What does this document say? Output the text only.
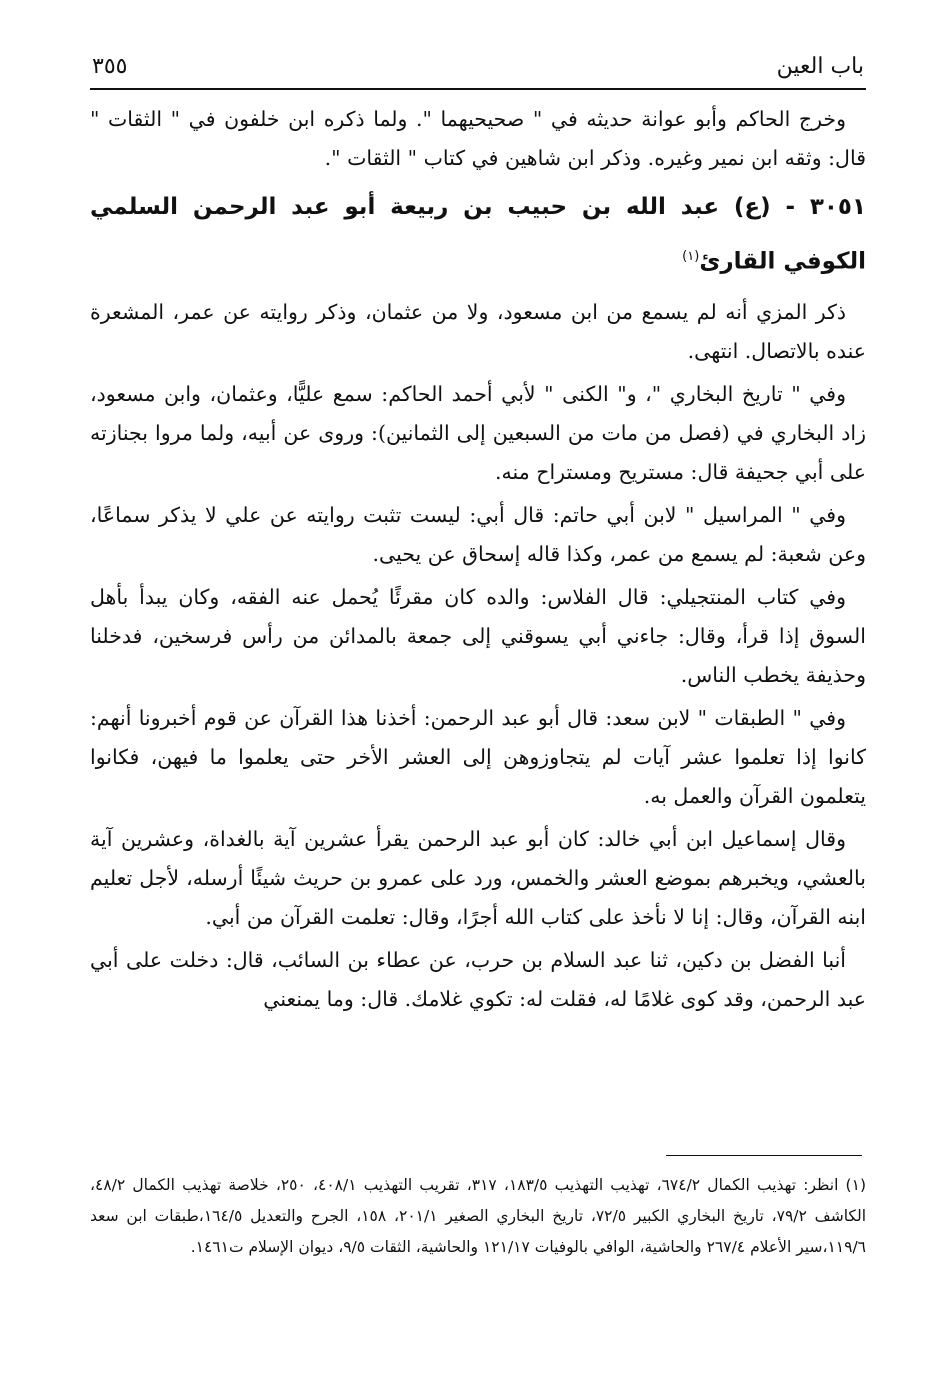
باب العين
٣٥٥

وخرج الحاكم وأبو عوانة حديثه في " صحيحيهما ". ولما ذكره ابن خلفون في " الثقات " قال: وثقه ابن نمير وغيره. وذكر ابن شاهين في كتاب " الثقات ".

٣٠٥١ - (ع) عبد الله بن حبيب بن ربيعة أبو عبد الرحمن السلمي الكوفي القارئ$^{(١)}$

ذكر المزي أنه لم يسمع من ابن مسعود، ولا من عثمان، وذكر روايته عن عمر، المشعرة عنده بالاتصال. انتهى.

وفي " تاريخ البخاري "، و" الكنى " لأبي أحمد الحاكم: سمع عليًّا، وعثمان، وابن مسعود، زاد البخاري في (فصل من مات من السبعين إلى الثمانين): وروى عن أبيه، ولما مروا بجنازته على أبي جحيفة قال: مستريح ومستراح منه.

وفي " المراسيل " لابن أبي حاتم: قال أبي: ليست تثبت روايته عن علي لا يذكر سماعًا، وعن شعبة: لم يسمع من عمر، وكذا قاله إسحاق عن يحيى.

وفي كتاب المنتجيلي: قال الفلاس: والده كان مقرئًا يُحمل عنه الفقه، وكان يبدأ بأهل السوق إذا قرأ، وقال: جاءني أبي يسوقني إلى جمعة بالمدائن من رأس فرسخين، فدخلنا وحذيفة يخطب الناس.

وفي " الطبقات " لابن سعد: قال أبو عبد الرحمن: أخذنا هذا القرآن عن قوم أخبرونا أنهم: كانوا إذا تعلموا عشر آيات لم يتجاوزوهن إلى العشر الأخر حتى يعلموا ما فيهن، فكانوا يتعلمون القرآن والعمل به.

وقال إسماعيل ابن أبي خالد: كان أبو عبد الرحمن يقرأ عشرين آية بالغداة، وعشرين آية بالعشي، ويخبرهم بموضع العشر والخمس، ورد على عمرو بن حريث شيئًا أرسله، لأجل تعليم ابنه القرآن، وقال: إنا لا نأخذ على كتاب الله أجرًا، وقال: تعلمت القرآن من أبي.

أنبا الفضل بن دكين، ثنا عبد السلام بن حرب، عن عطاء بن السائب، قال: دخلت على أبي عبد الرحمن، وقد كوى غلامًا له، فقلت له: تكوي غلامك. قال: وما يمنعني

(١) انظر: تهذيب الكمال ٦٧٤/٢، تهذيب التهذيب ١٨٣/٥، ٣١٧، تقريب التهذيب ٤٠٨/١، ٢٥٠، خلاصة تهذيب الكمال ٤٨/٢، الكاشف ٧٩/٢، تاريخ البخاري الكبير ٧٢/٥، تاريخ البخاري الصغير ٢٠١/١، ١٥٨، الجرح والتعديل ١٦٤/٥،طبقات ابن سعد ١١٩/٦،سير الأعلام ٢٦٧/٤ والحاشية، الوافي بالوفيات ١٢١/١٧ والحاشية، الثقات ٩/٥، ديوان الإسلام ت١٤٦١.
